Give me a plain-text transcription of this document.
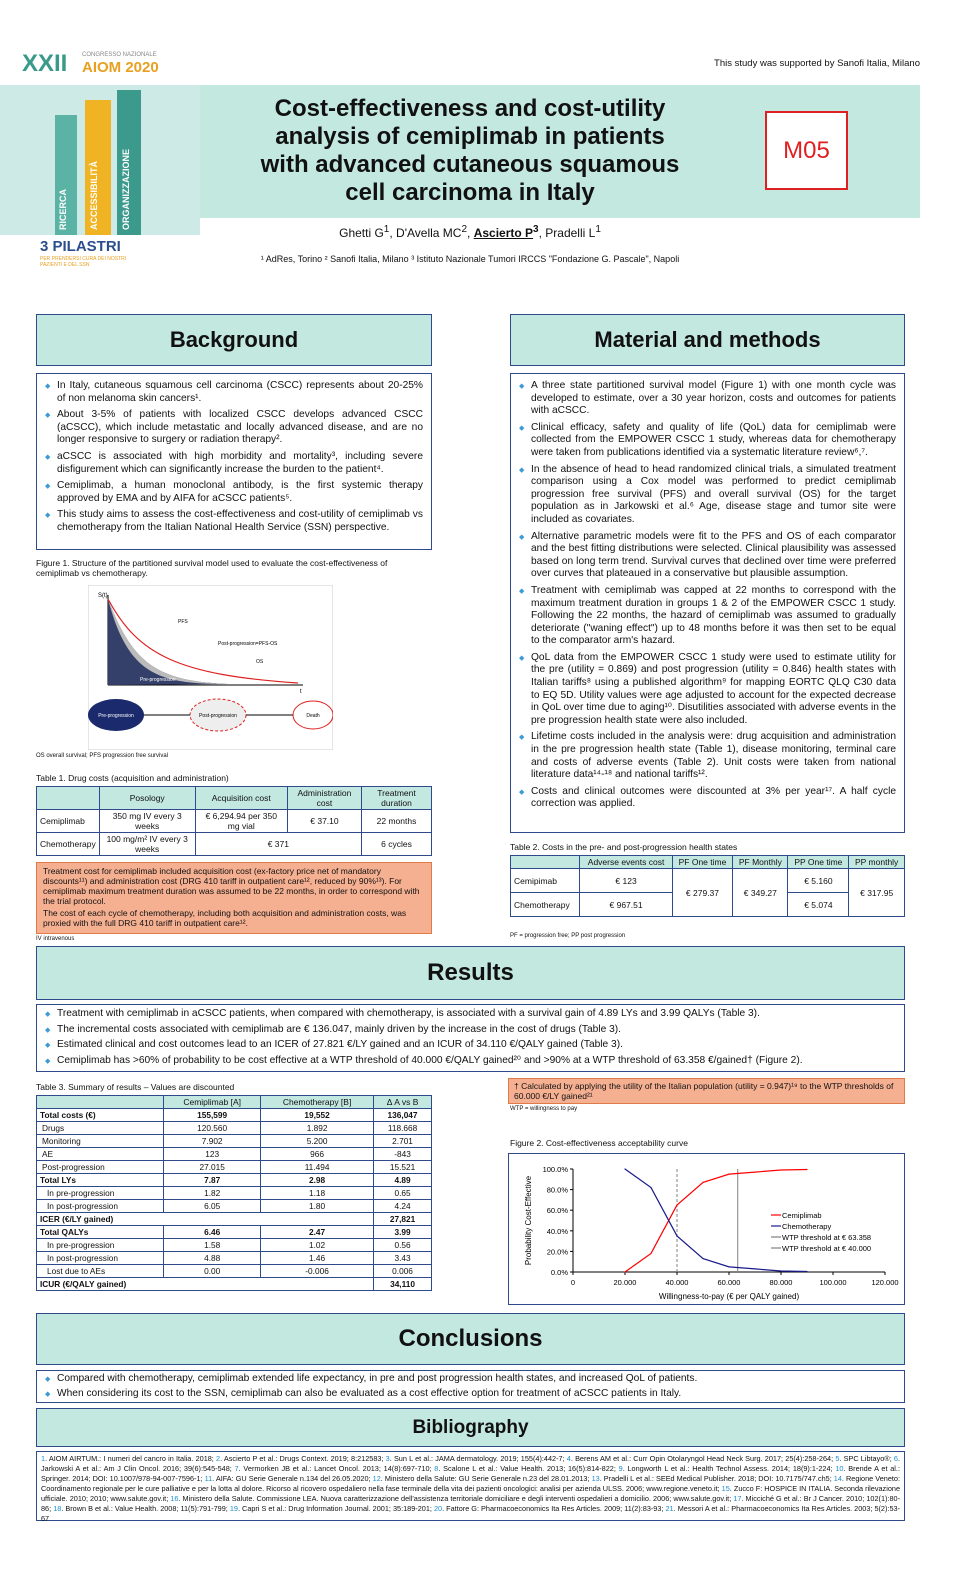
XXII CONGRESSO NAZIONALE
AIOM 2020
RICERCA ACCESSIBILITÀ ORGANIZZAZIONE
3 PILASTRI
PER PRENDERSI CURA DEI NOSTRI PAZIENTI E DEL SSN
This study was supported by Sanofi Italia, Milano
Cost-effectiveness and cost-utility analysis of cemiplimab in patients with advanced cutaneous squamous cell carcinoma in Italy
M05
Ghetti $G^1$, D'Avella $MC^2$, Ascierto $P^3$, Pradelli $L^1$
¹ AdRes, Torino ² Sanofi Italia, Milano ³ Istituto Nazionale Tumori IRCCS "Fondazione G. Pascale", Napoli
Background
◆ In Italy, cutaneous squamous cell carcinoma (CSCC) represents about 20-25% of non melanoma skin cancers¹.
◆ About 3-5% of patients with localized CSCC develops advanced CSCC (aCSCC), which include metastatic and locally advanced disease, and are no longer responsive to surgery or radiation therapy².
◆ aCSCC is associated with high morbidity and mortality³, including severe disfigurement which can significantly increase the burden to the patient⁴.
◆ Cemiplimab, a human monoclonal antibody, is the first systemic therapy approved by EMA and by AIFA for aCSCC patients⁵.
◆ This study aims to assess the cost-effectiveness and cost-utility of cemiplimab vs chemotherapy from the Italian National Health Service (SSN) perspective.
Figure 1. Structure of the partitioned survival model used to evaluate the cost-effectiveness of cemiplimab vs chemotherapy.
S(t)
PFS
Post-progression=PFS-OS
OS
Pre-progression
t
Pre-progression	Post-progression	Death
OS overall survival; PFS progression free survival
Table 1. Drug costs (acquisition and administration)
	Posology	Acquisition cost	Administration cost	Treatment duration
Cemiplimab	350 mg IV every 3 weeks	€ 6,294.94 per 350 mg vial	€ 37.10	22 months
Chemotherapy	100 mg/m² IV every 3 weeks	€ 371		6 cycles
Treatment cost for cemiplimab included acquisition cost (ex-factory price net of mandatory discounts¹¹) and administration cost (DRG 410 tariff in outpatient care¹², reduced by 90%¹³). For cemiplimab maximum treatment duration was assumed to be 22 months, in order to correspond with the trial protocol.
The cost of each cycle of chemotherapy, including both acquisition and administration costs, was proxied with the full DRG 410 tariff in outpatient care¹².
IV intravenous
Material and methods
◆ A three state partitioned survival model (Figure 1) with one month cycle was developed to estimate, over a 30 year horizon, costs and outcomes for patients with aCSCC.
◆ Clinical efficacy, safety and quality of life (QoL) data for cemiplimab were collected from the EMPOWER CSCC 1 study, whereas data for chemotherapy were taken from publications identified via a systematic literature review⁶,⁷.
◆ In the absence of head to head randomized clinical trials, a simulated treatment comparison using a Cox model was performed to predict cemiplimab progression free survival (PFS) and overall survival (OS) for the target population as in Jarkowski et al.⁶ Age, disease stage and tumor site were included as covariates.
◆ Alternative parametric models were fit to the PFS and OS of each comparator and the best fitting distributions were selected. Clinical plausibility was assessed based on long term trend. Survival curves that declined over time were preferred over curves that plateaued in a conservative but plausible assumption.
◆ Treatment with cemiplimab was capped at 22 months to correspond with the maximum treatment duration in groups 1 & 2 of the EMPOWER CSCC 1 study. Following the 22 months, the hazard of cemiplimab was assumed to gradually deteriorate ("waning effect") up to 48 months before it was then set to be equal to the comparator arm's hazard.
◆ QoL data from the EMPOWER CSCC 1 study were used to estimate utility for the pre (utility = 0.869) and post progression (utility = 0.846) health states with Italian tariffs⁸ using a published algorithm⁹ for mapping EORTC QLQ C30 data to EQ 5D. Utility values were age adjusted to account for the expected decrease in QoL over time due to aging¹⁰. Disutilities associated with adverse events in the pre progression health state were also included.
◆ Lifetime costs included in the analysis were: drug acquisition and administration in the pre progression health state (Table 1), disease monitoring, terminal care and costs of adverse events (Table 2). Unit costs were taken from national literature data¹⁴-¹⁸ and national tariffs¹².
◆ Costs and clinical outcomes were discounted at 3% per year¹⁷. A half cycle correction was applied.
Table 2. Costs in the pre- and post-progression health states
	Adverse events cost	PF One time	PF Monthly	PP One time	PP monthly
Cemipimab	€ 123	€ 279.37	€ 349.27	€ 5.160	€ 317.95
Chemotherapy	€ 967.51			€ 5.074	
PF = progression free; PP post progression
Results
◆ Treatment with cemiplimab in aCSCC patients, when compared with chemotherapy, is associated with a survival gain of 4.89 LYs and 3.99 QALYs (Table 3).
◆ The incremental costs associated with cemiplimab are € 136.047, mainly driven by the increase in the cost of drugs (Table 3).
◆ Estimated clinical and cost outcomes lead to an ICER of 27.821 €/LY gained and an ICUR of 34.110 €/QALY gained (Table 3).
◆ Cemiplimab has >60% of probability to be cost effective at a WTP threshold of 40.000 €/QALY gained²⁰ and >90% at a WTP threshold of 63.358 €/gained† (Figure 2).
Table 3. Summary of results – Values are discounted
	Cemiplimab [A]	Chemotherapy [B]	Δ A vs B
Total costs (€)	155,599	19,552	136,047
Drugs	120.560	1.892	118.668
Monitoring	7.902	5.200	2.701
AE	123	966	-843
Post-progression	27.015	11.494	15.521
Total LYs	7.87	2.98	4.89
In pre-progression	1.82	1.18	0.65
In post-progression	6.05	1.80	4.24
ICER (€/LY gained)			27,821
Total QALYs	6.46	2.47	3.99
In pre-progression	1.58	1.02	0.56
In post-progression	4.88	1.46	3.43
Lost due to AEs	0.00	-0.006	0.006
ICUR (€/QALY gained)			34,110
† Calculated by applying the utility of the Italian population (utility = 0.947)¹⁹ to the WTP thresholds of 60.000 €/LY gained²¹
WTP = willingness to pay
Figure 2. Cost-effectiveness acceptability curve
0.0%
20.0%
40.0%
60.0%
80.0%
100.0%
0	20.000	40.000	60.000	80.000	100.000	120.000
Willingness-to-pay (€ per QALY gained)
Probability Cost-Effective	Cemiplimab
Chemotherapy
WTP threshold at € 63.358
WTP threshold at € 40.000
Conclusions
◆ Compared with chemotherapy, cemiplimab extended life expectancy, in pre and post progression health states, and increased QoL of patients.
◆ When considering its cost to the SSN, cemiplimab can also be evaluated as a cost effective option for treatment of aCSCC patients in Italy.
Bibliography
1. AIOM AIRTUM.: I numeri del cancro in Italia. 2018; 2. Ascierto P et al.: Drugs Context. 2019; 8:212583; 3. Sun L et al.: JAMA dermatology. 2019; 155(4):442-7; 4. Berens AM et al.: Curr Opin Otolaryngol Head Neck Surg. 2017; 25(4):258-264; 5. SPC Libtayo®; 6. Jarkowski A et al.: Am J Clin Oncol. 2016; 39(6):545-548; 7. Vermorken JB et al.: Lancet Oncol. 2013; 14(8):697-710; 8. Scalone L et al.: Value Health. 2013; 16(5):814-822; 9. Longworth L et al.: Health Technol Assess. 2014; 18(9):1-224; 10. Brende A et al.: Springer. 2014; DOI: 10.1007/978-94-007-7596-1; 11. AIFA: GU Serie Generale n.134 del 26.05.2020; 12. Ministero della Salute: GU Serie Generale n.23 del 28.01.2013; 13. Pradelli L et al.: SEEd Medical Publisher. 2018; DOI: 10.7175/747.ch5; 14. Regione Veneto: Coordinamento regionale per le cure palliative e per la lotta al dolore. Ricorso al ricovero ospedaliero nella fase terminale della vita dei pazienti oncologici: analisi per azienda ULSS. 2006; www.regione.veneto.it; 15. Zucco F: HOSPICE IN ITALIA. Seconda rilevazione ufficiale. 2010; 2010; www.salute.gov.it; 16. Ministero della Salute. Commissione LEA. Nuova caratterizzazione dell'assistenza territoriale domiciliare e degli interventi ospedalieri a domicilio. 2006; www.salute.gov.it; 17. Micciché G et al.: Br J Cancer. 2010; 102(1):80-86; 18. Brown B et al.: Value Health. 2008; 11(5):791-799; 19. Capri S et al.: Drug Information Journal. 2001; 35:189-201; 20. Fattore G: Pharmacoeconomics Ita Res Articles. 2009; 11(2):83-93; 21. Messori A et al.: Pharmacoeconomics Ita Res Articles. 2003; 5(2):53-67
